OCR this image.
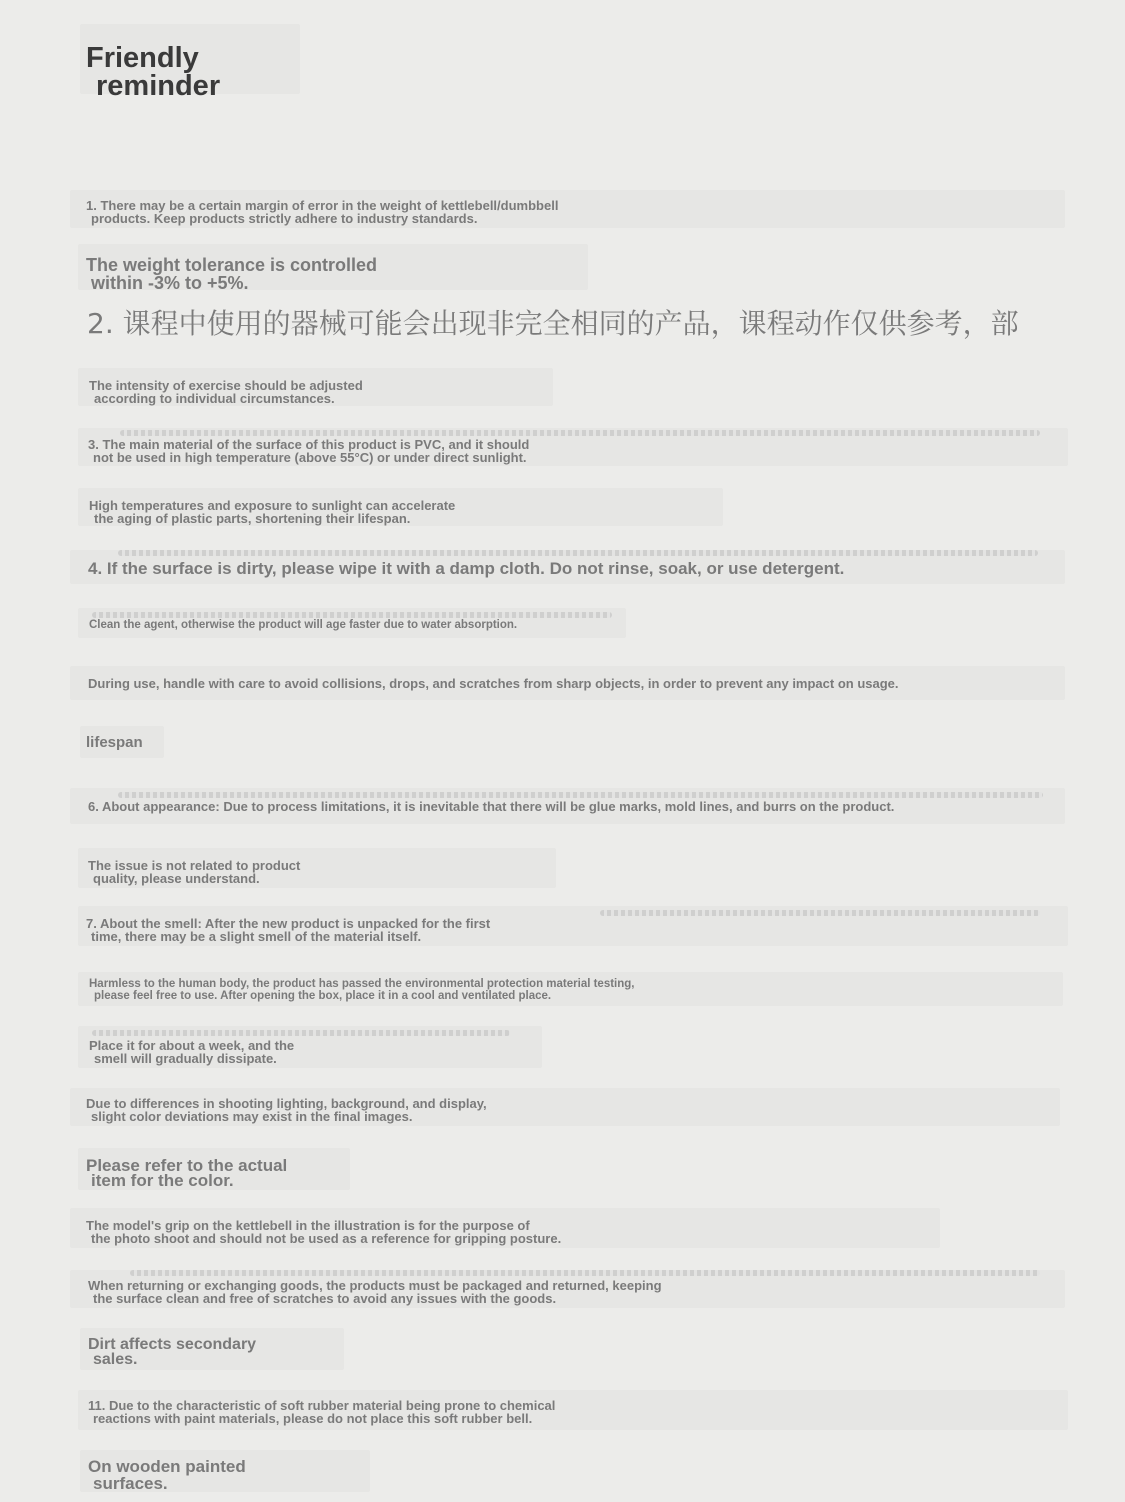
Friendly
reminder
1. There may be a certain margin of error in the weight of kettlebell/dumbbell
products. Keep products strictly adhere to industry standards.
The weight tolerance is controlled
within -3% to +5%.
2. 课程中使用的器械可能会出现非完全相同的产品，课程动作仅供参考，部
The intensity of exercise should be adjusted
according to individual circumstances.
3. The main material of the surface of this product is PVC, and it should
not be used in high temperature (above 55°C) or under direct sunlight.
High temperatures and exposure to sunlight can accelerate
the aging of plastic parts, shortening their lifespan.
4. If the surface is dirty, please wipe it with a damp cloth. Do not rinse, soak, or use detergent.
Clean the agent, otherwise the product will age faster due to water absorption.
During use, handle with care to avoid collisions, drops, and scratches from sharp objects, in order to prevent any impact on usage.
lifespan
6. About appearance: Due to process limitations, it is inevitable that there will be glue marks, mold lines, and burrs on the product.
The issue is not related to product
quality, please understand.
7. About the smell: After the new product is unpacked for the first
time, there may be a slight smell of the material itself.
Harmless to the human body, the product has passed the environmental protection material testing,
please feel free to use. After opening the box, place it in a cool and ventilated place.
Place it for about a week, and the
smell will gradually dissipate.
Due to differences in shooting lighting, background, and display,
slight color deviations may exist in the final images.
Please refer to the actual
item for the color.
The model's grip on the kettlebell in the illustration is for the purpose of
the photo shoot and should not be used as a reference for gripping posture.
When returning or exchanging goods, the products must be packaged and returned, keeping
the surface clean and free of scratches to avoid any issues with the goods.
Dirt affects secondary
sales.
11. Due to the characteristic of soft rubber material being prone to chemical
reactions with paint materials, please do not place this soft rubber bell.
On wooden painted
surfaces.
